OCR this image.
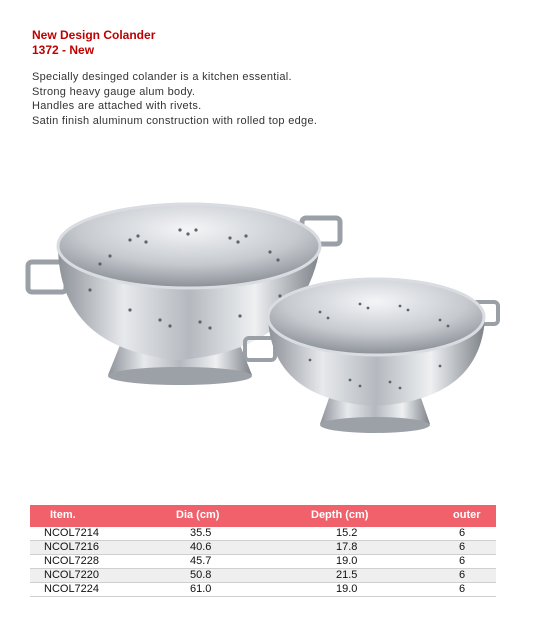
New Design Colander
1372 - New
Specially desinged colander is a kitchen essential.
Strong heavy gauge alum body.
Handles are attached with rivets.
Satin finish aluminum construction with rolled top edge.
Item.	Dia (cm)	Depth (cm)	outer
NCOL7214	35.5	15.2	6
NCOL7216	40.6	17.8	6
NCOL7228	45.7	19.0	6
NCOL7220	50.8	21.5	6
NCOL7224	61.0	19.0	6
